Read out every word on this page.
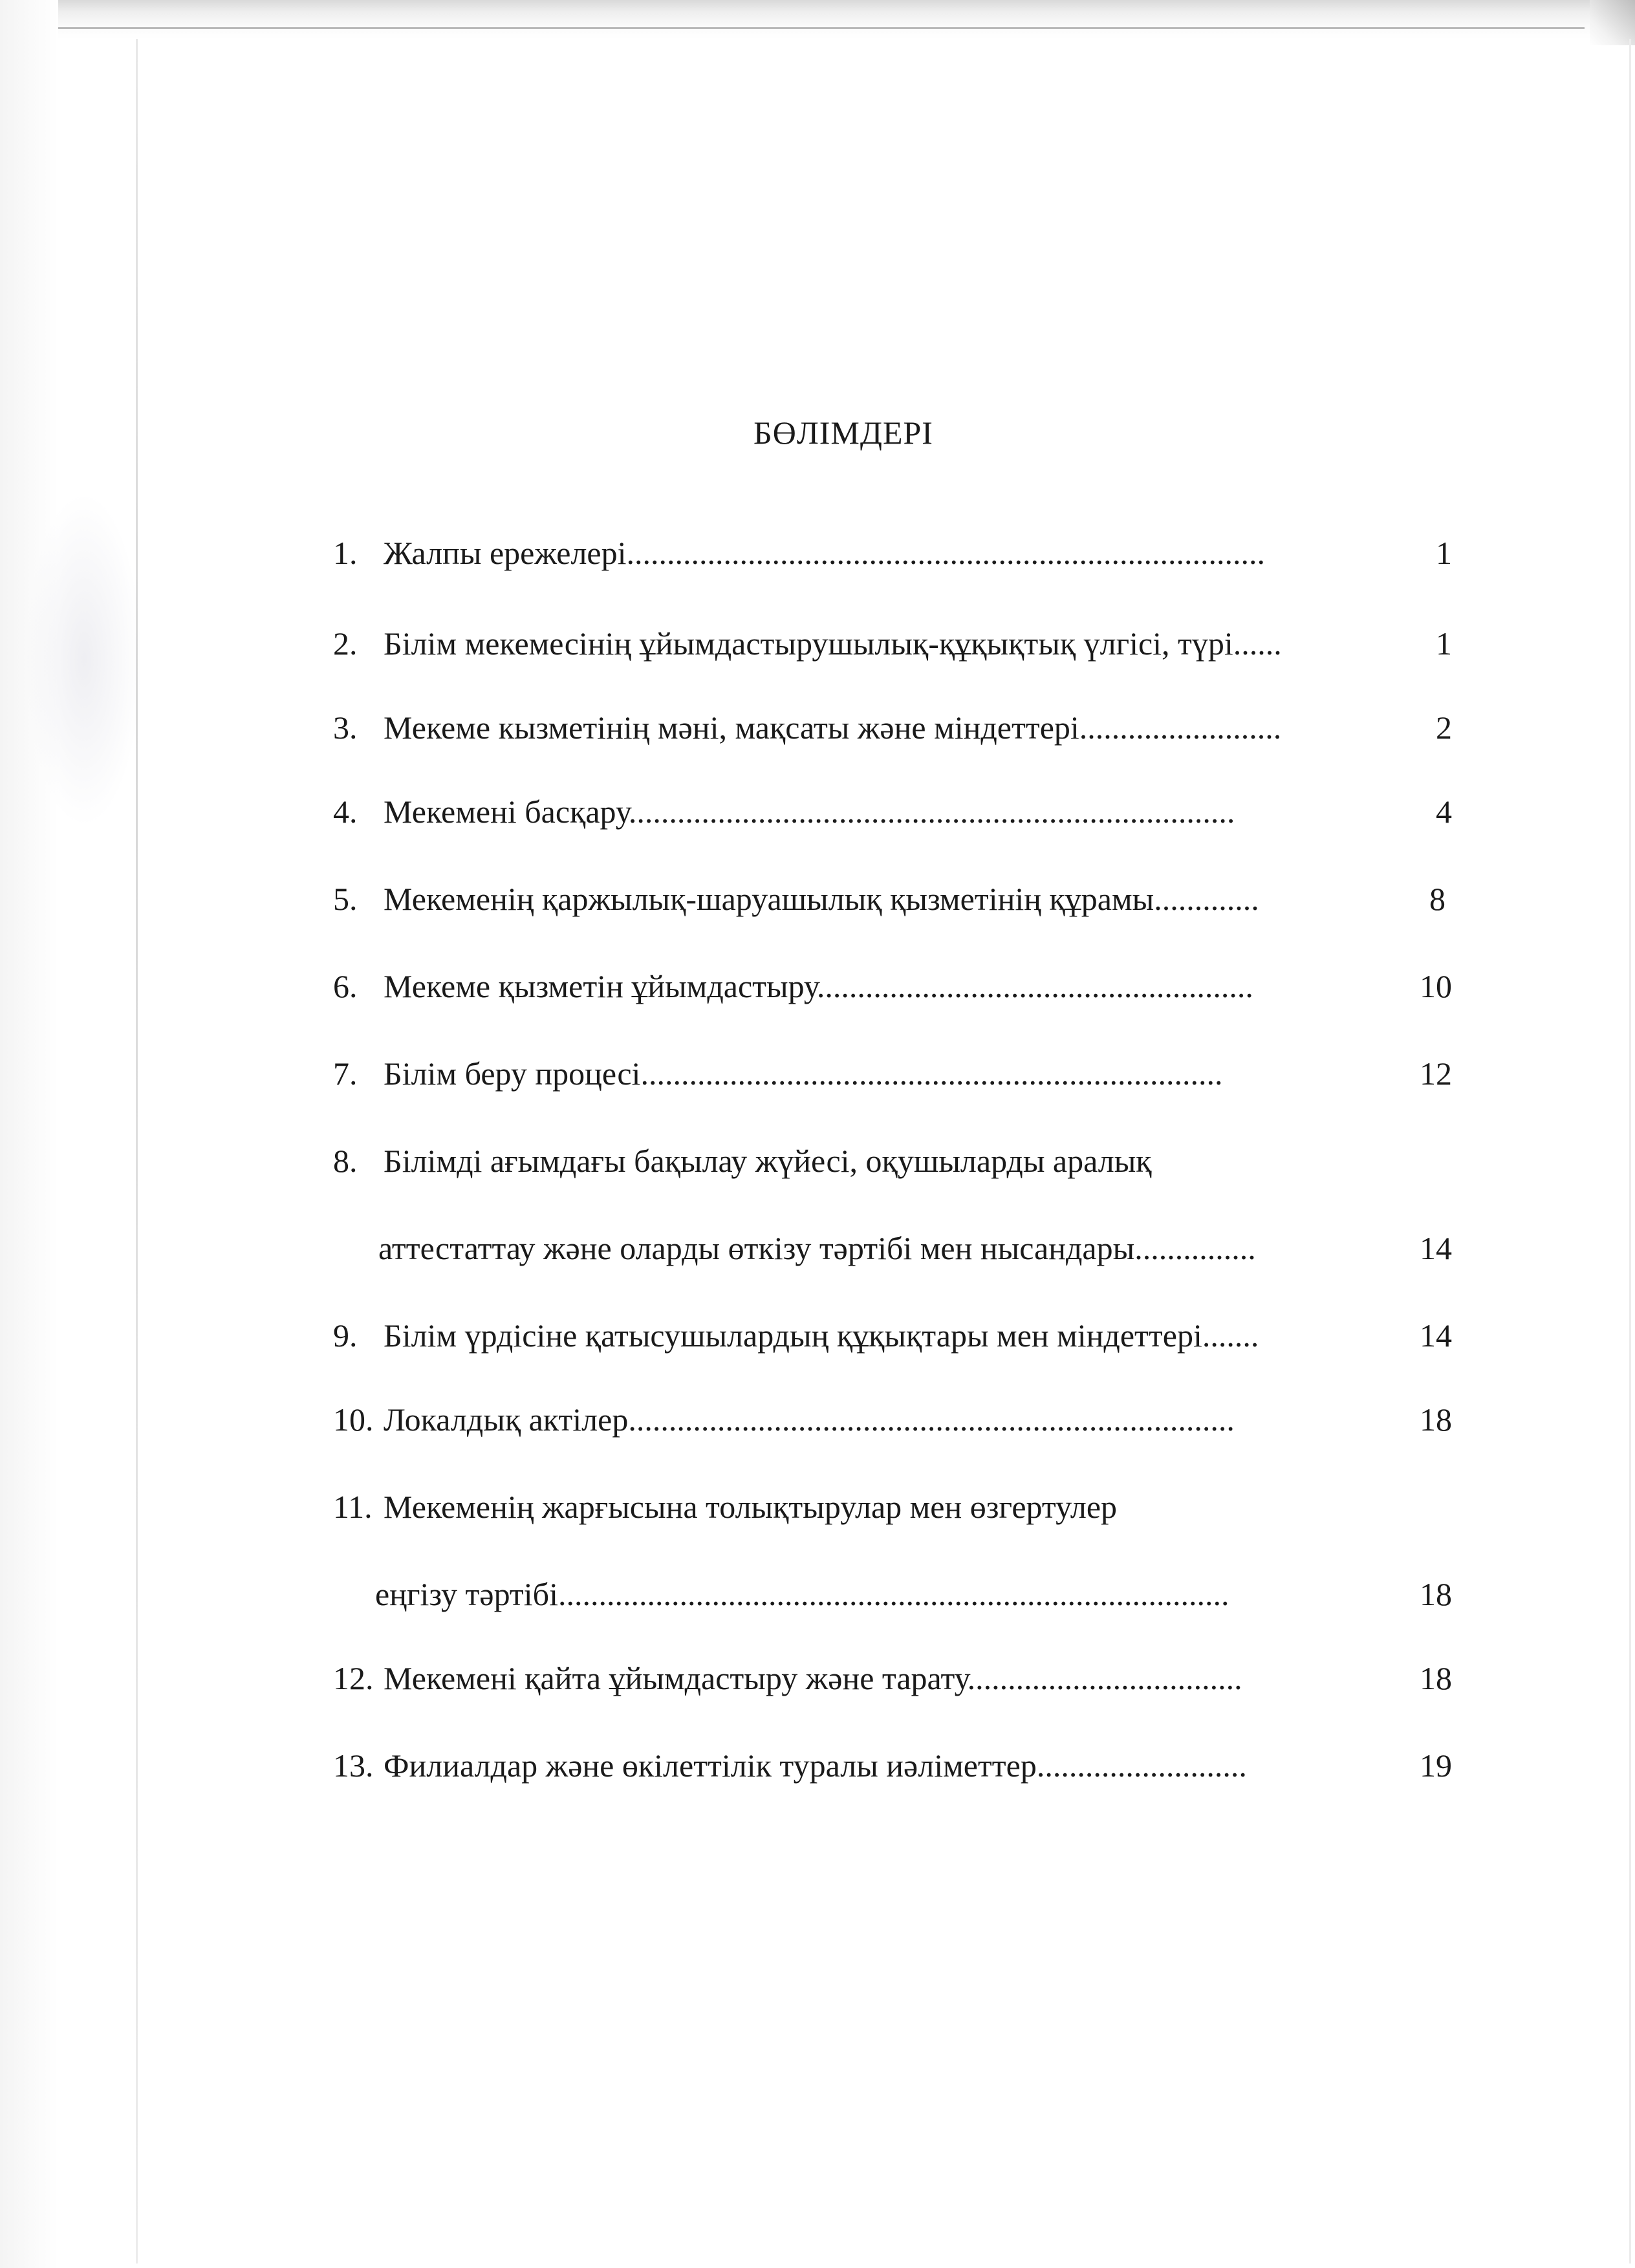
БӨЛІМДЕРІ
1. Жалпы ережелері...............................................................................	1
2. Білім мекемесінің ұйымдастырушылық-құқықтық үлгісі, түрі......	1
3. Мекеме кызметінің мәні, мақсаты және міндеттері.........................	2
4. Мекемені басқару...........................................................................	4
5. Мекеменің қаржылық-шаруашылық қызметінің құрамы.............	8
6. Мекеме қызметін ұйымдастыру......................................................	10
7. Білім беру процесі........................................................................	12
8. Білімді ағымдағы бақылау жүйесі, оқушыларды аралық
аттестаттау және оларды өткізу тәртібі мен нысандары...............	14
9. Білім үрдісіне қатысушылардың құқықтары мен міндеттері.......	14
10. Локалдық актілер...........................................................................	18
11. Мекеменің жарғысына толықтырулар мен өзгертулер
еңгізу тәртібі...................................................................................	18
12. Мекемені қайта ұйымдастыру және тарату..................................	18
13. Филиалдар және өкілеттілік туралы иәліметтер..........................	19
